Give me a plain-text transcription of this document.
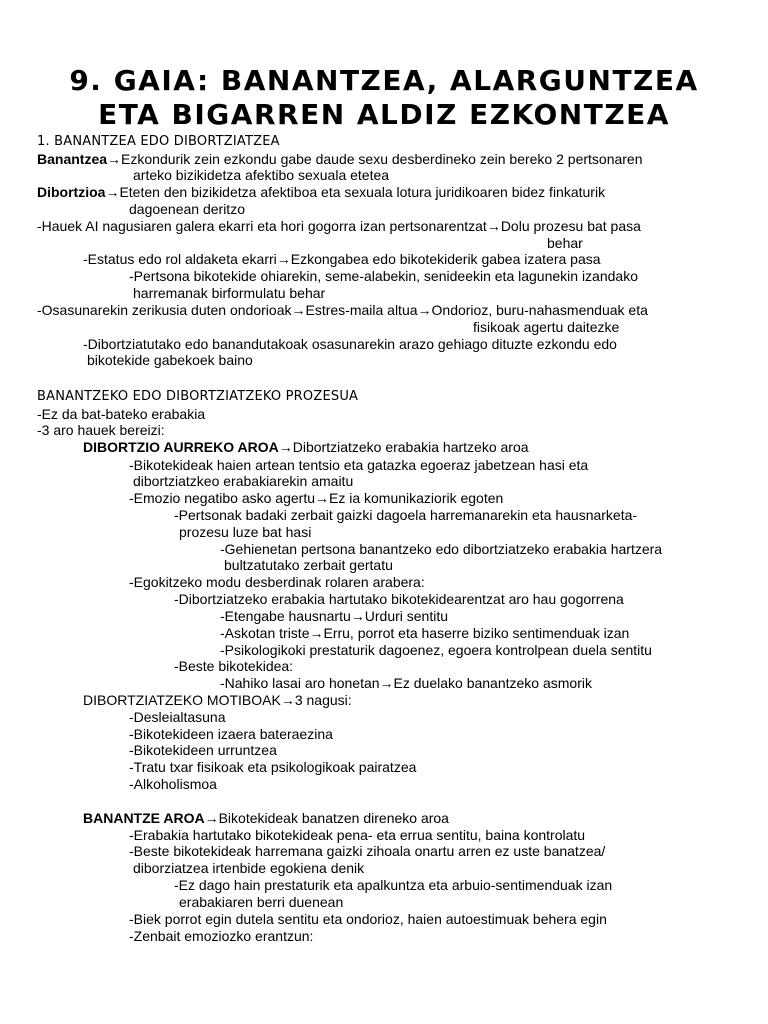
9. GAIA: BANANTZEA, ALARGUNTZEA
ETA BIGARREN ALDIZ EZKONTZEA
1. BANANTZEA EDO DIBORTZIATZEA
Banantzea→Ezkondurik zein ezkondu gabe daude sexu desberdineko zein bereko 2 pertsonaren
arteko bizikidetza afektibo sexuala etetea
Dibortzioa→Eteten den bizikidetza afektiboa eta sexuala lotura juridikoaren bidez finkaturik
dagoenean deritzo
-Hauek AI nagusiaren galera ekarri eta hori gogorra izan pertsonarentzat→Dolu prozesu bat pasa
behar
-Estatus edo rol aldaketa ekarri→Ezkongabea edo bikotekiderik gabea izatera pasa
-Pertsona bikotekide ohiarekin, seme-alabekin, senideekin eta lagunekin izandako
harremanak birformulatu behar
-Osasunarekin zerikusia duten ondorioak→Estres-maila altua→Ondorioz, buru-nahasmenduak eta
fisikoak agertu daitezke
-Dibortziatutako edo banandutakoak osasunarekin arazo gehiago dituzte ezkondu edo
bikotekide gabekoek baino
BANANTZEKO EDO DIBORTZIATZEKO PROZESUA
-Ez da bat-bateko erabakia
-3 aro hauek bereizi:
DIBORTZIO AURREKO AROA→Dibortziatzeko erabakia hartzeko aroa
-Bikotekideak haien artean tentsio eta gatazka egoeraz jabetzean hasi eta
dibortziatzkeo erabakiarekin amaitu
-Emozio negatibo asko agertu→Ez ia komunikaziorik egoten
-Pertsonak badaki zerbait gaizki dagoela harremanarekin eta hausnarketa-
prozesu luze bat hasi
-Gehienetan pertsona banantzeko edo dibortziatzeko erabakia hartzera
bultzatutako zerbait gertatu
-Egokitzeko modu desberdinak rolaren arabera:
-Dibortziatzeko erabakia hartutako bikotekidearentzat aro hau gogorrena
-Etengabe hausnartu→Urduri sentitu
-Askotan triste→Erru, porrot eta haserre biziko sentimenduak izan
-Psikologikoki prestaturik dagoenez, egoera kontrolpean duela sentitu
-Beste bikotekidea:
-Nahiko lasai aro honetan→Ez duelako banantzeko asmorik
DIBORTZIATZEKO MOTIBOAK→3 nagusi:
-Desleialtasuna
-Bikotekideen izaera bateraezina
-Bikotekideen urruntzea
-Tratu txar fisikoak eta psikologikoak pairatzea
-Alkoholismoa
BANANTZE AROA→Bikotekideak banatzen direneko aroa
-Erabakia hartutako bikotekideak pena- eta errua sentitu, baina kontrolatu
-Beste bikotekideak harremana gaizki zihoala onartu arren ez uste banatzea/
diborziatzea irtenbide egokiena denik
-Ez dago hain prestaturik eta apalkuntza eta arbuio-sentimenduak izan
erabakiaren berri duenean
-Biek porrot egin dutela sentitu eta ondorioz, haien autoestimuak behera egin
-Zenbait emoziozko erantzun:
